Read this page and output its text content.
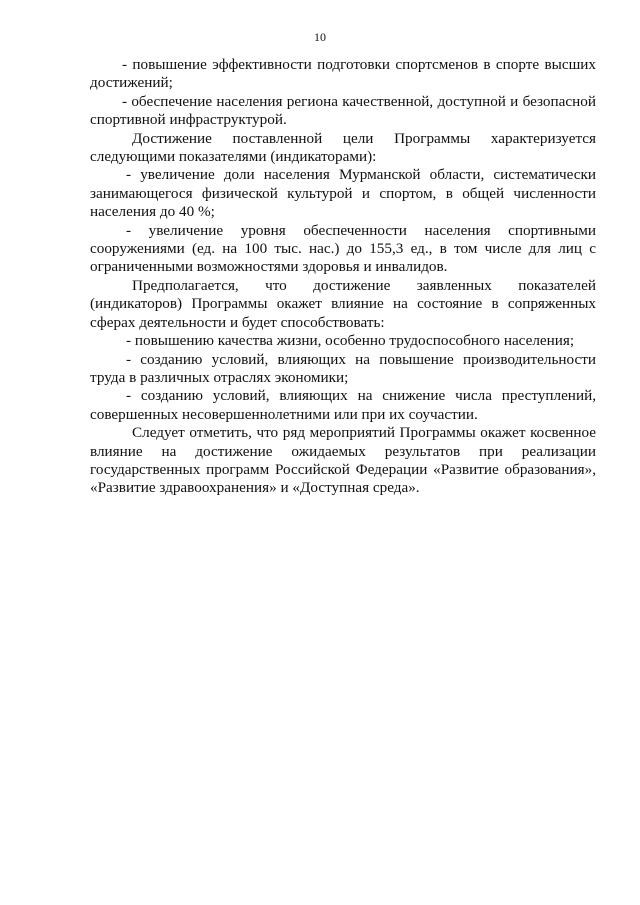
10

- повышение эффективности подготовки спортсменов в спорте высших достижений;

- обеспечение населения региона качественной, доступной и безопасной спортивной инфраструктурой.

Достижение поставленной цели Программы характеризуется следующими показателями (индикаторами):

- увеличение доли населения Мурманской области, систематически занимающегося физической культурой и спортом, в общей численности населения до 40 %;

- увеличение уровня обеспеченности населения спортивными сооружениями (ед. на 100 тыс. нас.) до 155,3 ед., в том числе для лиц с ограниченными возможностями здоровья и инвалидов.

Предполагается, что достижение заявленных показателей (индикаторов) Программы окажет влияние на состояние в сопряженных сферах деятельности и будет способствовать:

- повышению качества жизни, особенно трудоспособного населения;

- созданию условий, влияющих на повышение производительности труда в различных отраслях экономики;

- созданию условий, влияющих на снижение числа преступлений, совершенных несовершеннолетними или при их соучастии.

Следует отметить, что ряд мероприятий Программы окажет косвенное влияние на достижение ожидаемых результатов при реализации государственных программ Российской Федерации «Развитие образования», «Развитие здравоохранения» и «Доступная среда».
